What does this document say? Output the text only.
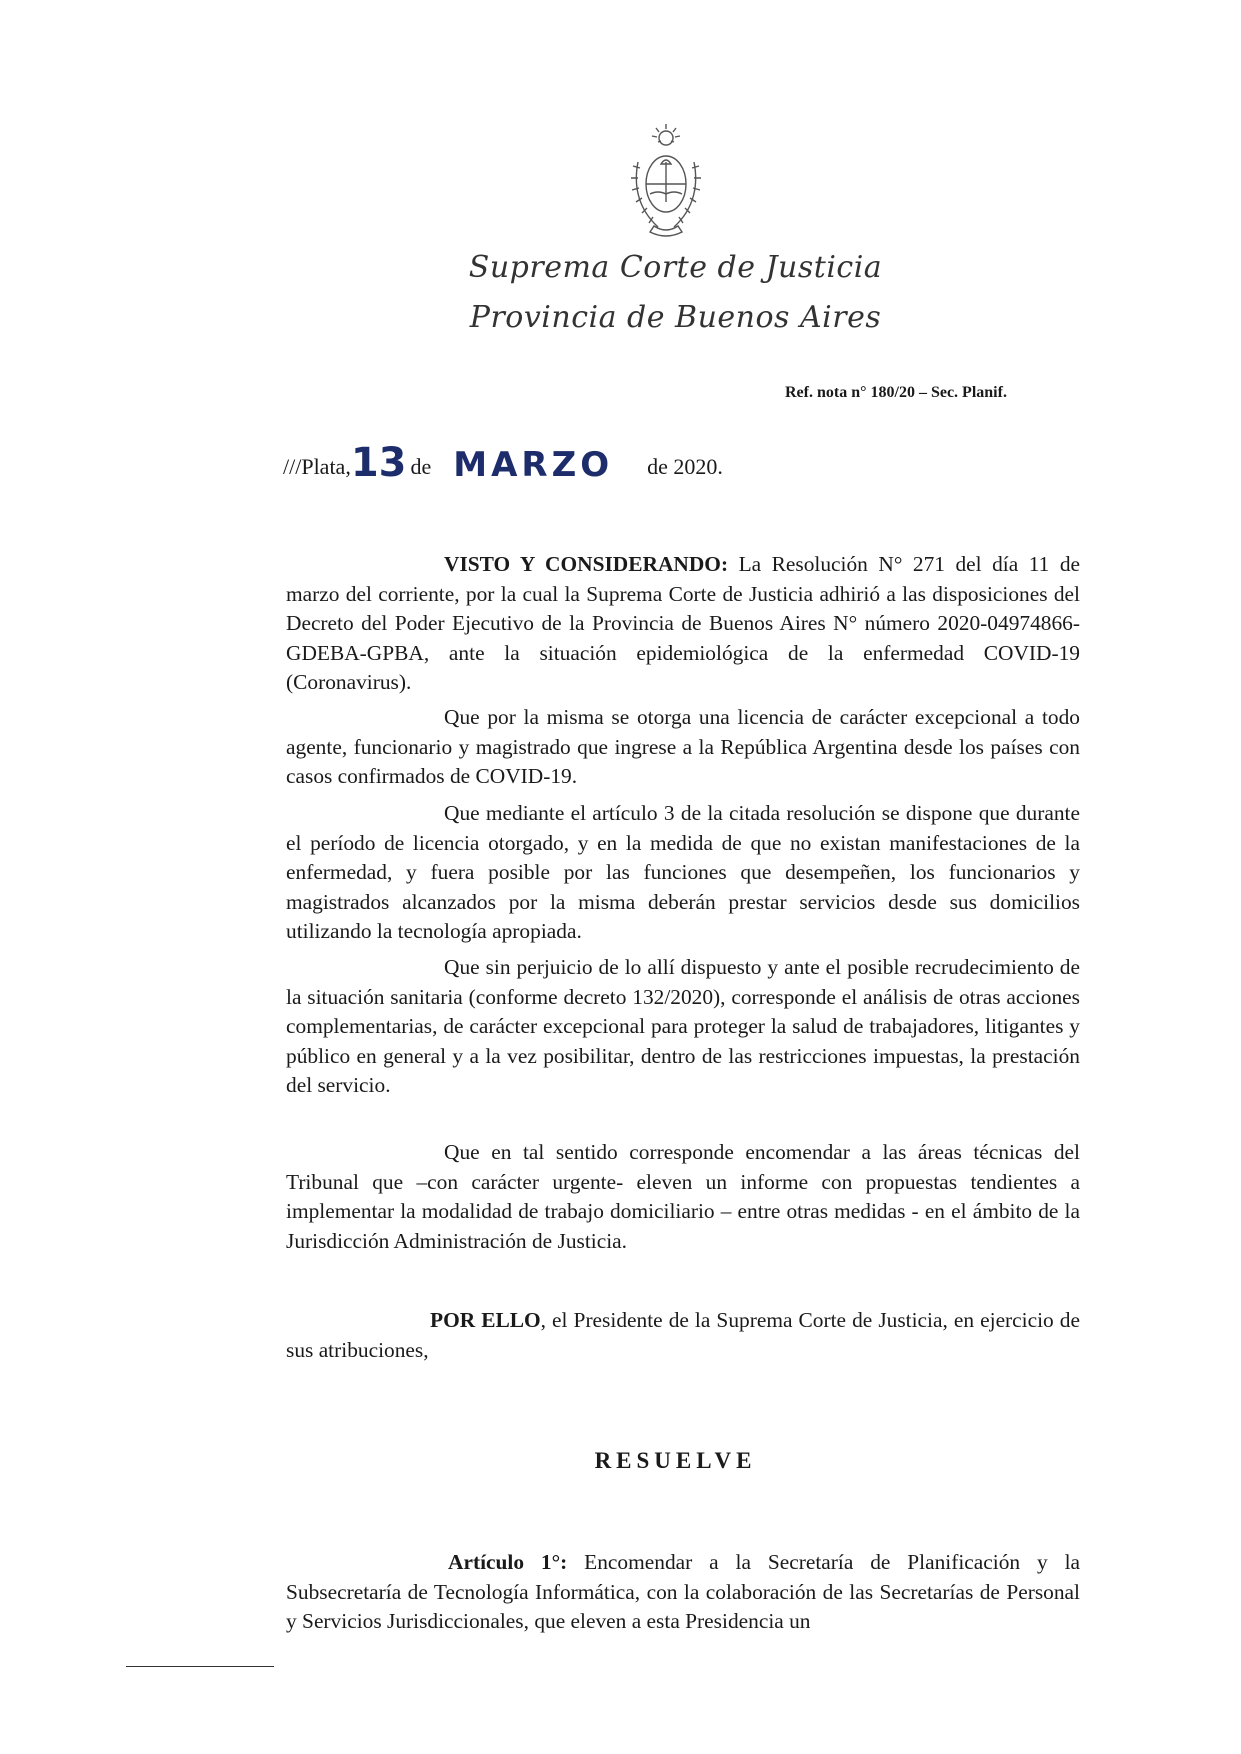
Suprema Corte de Justicia
Provincia de Buenos Aires
Ref. nota n° 180/20 – Sec. Planif.
///Plata,13 de MARZO de 2020.

VISTO Y CONSIDERANDO: La Resolución N° 271 del día 11 de marzo del corriente, por la cual la Suprema Corte de Justicia adhirió a las disposiciones del Decreto del Poder Ejecutivo de la Provincia de Buenos Aires N° número 2020-04974866-GDEBA-GPBA, ante la situación epidemiológica de la enfermedad COVID-19 (Coronavirus).

Que por la misma se otorga una licencia de carácter excepcional a todo agente, funcionario y magistrado que ingrese a la República Argentina desde los países con casos confirmados de COVID-19.

Que mediante el artículo 3 de la citada resolución se dispone que durante el período de licencia otorgado, y en la medida de que no existan manifestaciones de la enfermedad, y fuera posible por las funciones que desempeñen, los funcionarios y magistrados alcanzados por la misma deberán prestar servicios desde sus domicilios utilizando la tecnología apropiada.

Que sin perjuicio de lo allí dispuesto y ante el posible recrudecimiento de la situación sanitaria (conforme decreto 132/2020), corresponde el análisis de otras acciones complementarias, de carácter excepcional para proteger la salud de trabajadores, litigantes y público en general y a la vez posibilitar, dentro de las restricciones impuestas, la prestación del servicio.

Que en tal sentido corresponde encomendar a las áreas técnicas del Tribunal que –con carácter urgente- eleven un informe con propuestas tendientes a implementar la modalidad de trabajo domiciliario – entre otras medidas - en el ámbito de la Jurisdicción Administración de Justicia.

POR ELLO, el Presidente de la Suprema Corte de Justicia, en ejercicio de sus atribuciones,

RESUELVE

Artículo 1°: Encomendar a la Secretaría de Planificación y la Subsecretaría de Tecnología Informática, con la colaboración de las Secretarías de Personal y Servicios Jurisdiccionales, que eleven a esta Presidencia un
